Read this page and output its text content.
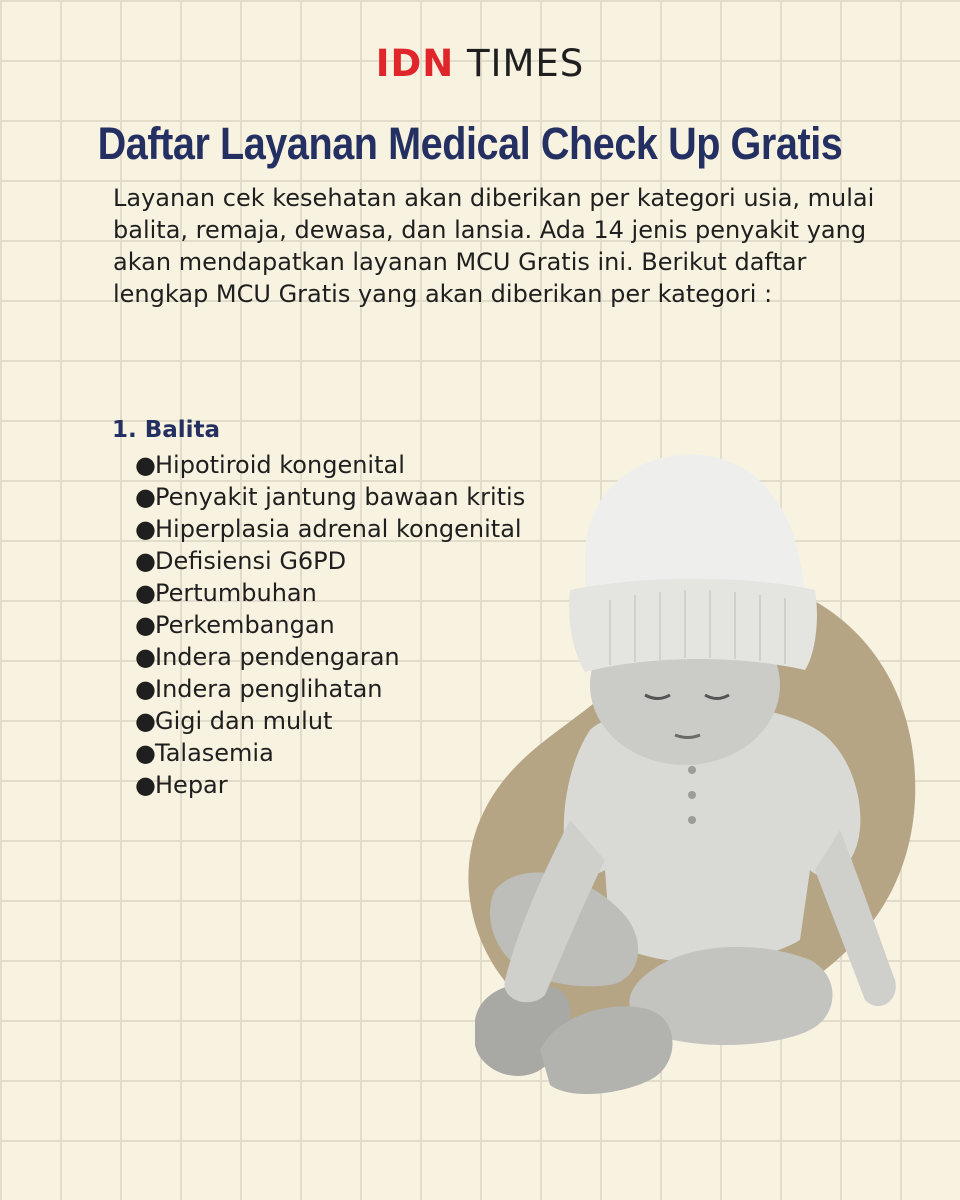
IDN TIMES
Daftar Layanan Medical Check Up Gratis
Layanan cek kesehatan akan diberikan per kategori usia, mulai balita, remaja, dewasa, dan lansia. Ada 14 jenis penyakit yang akan mendapatkan layanan MCU Gratis ini. Berikut daftar lengkap MCU Gratis yang akan diberikan per kategori :
1. Balita
●Hipotiroid kongenital
●Penyakit jantung bawaan kritis
●Hiperplasia adrenal kongenital
●Defisiensi G6PD
●Pertumbuhan
●Perkembangan
●Indera pendengaran
●Indera penglihatan
●Gigi dan mulut
●Talasemia
●Hepar
